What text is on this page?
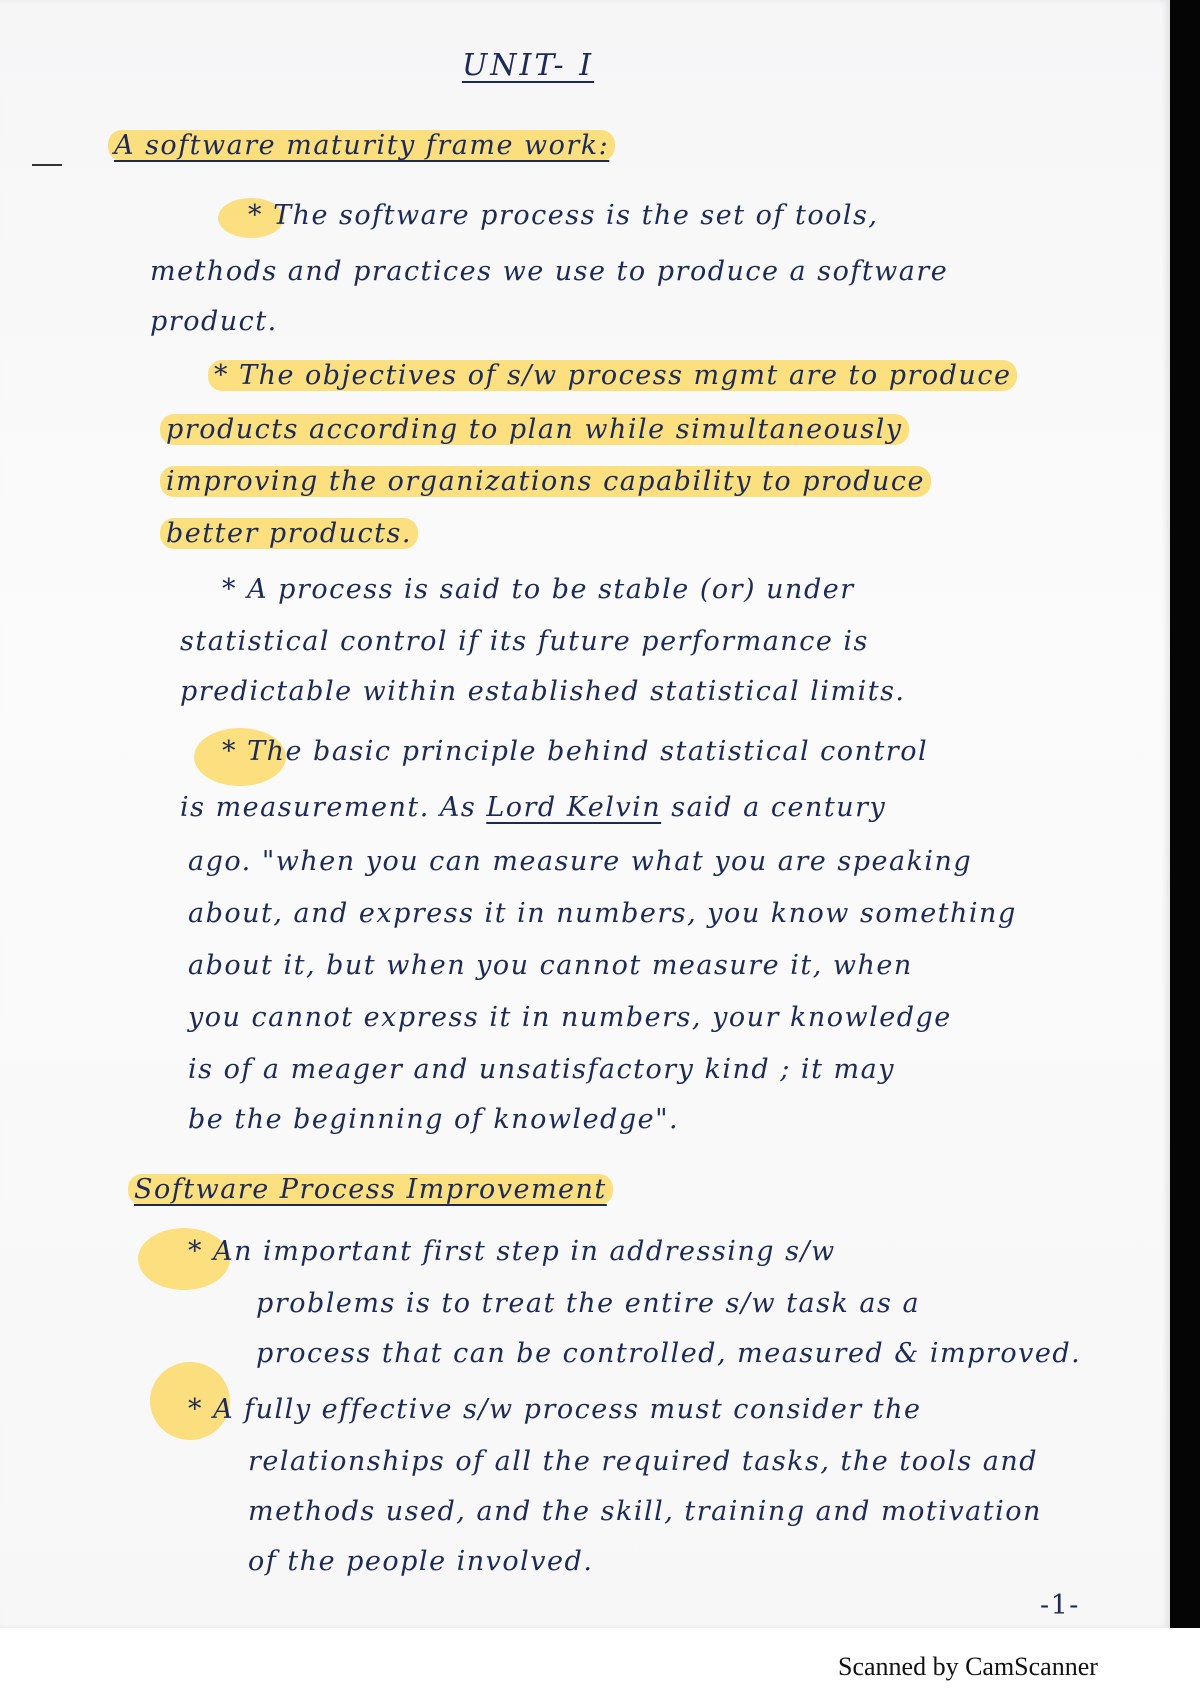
UNIT- I
A software maturity frame work:
* The software process is the set of tools,
methods and practices we use to produce a software
product.
* The objectives of s/w process mgmt are to produce
products according to plan while simultaneously
improving the organizations capability to produce
better products.
* A process is said to be stable (or) under
statistical control if its future performance is
predictable within established statistical limits.
* The basic principle behind statistical control
is measurement. As Lord Kelvin said a century
ago. "when you can measure what you are speaking
about, and express it in numbers, you know something
about it, but when you cannot measure it, when
you cannot express it in numbers, your knowledge
is of a meager and unsatisfactory kind ; it may
be the beginning of knowledge".
Software Process Improvement
* An important first step in addressing s/w
problems is to treat the entire s/w task as a
process that can be controlled, measured & improved.
* A fully effective s/w process must consider the
relationships of all the required tasks, the tools and
methods used, and the skill, training and motivation
of the people involved.
-1-
Scanned by CamScanner
